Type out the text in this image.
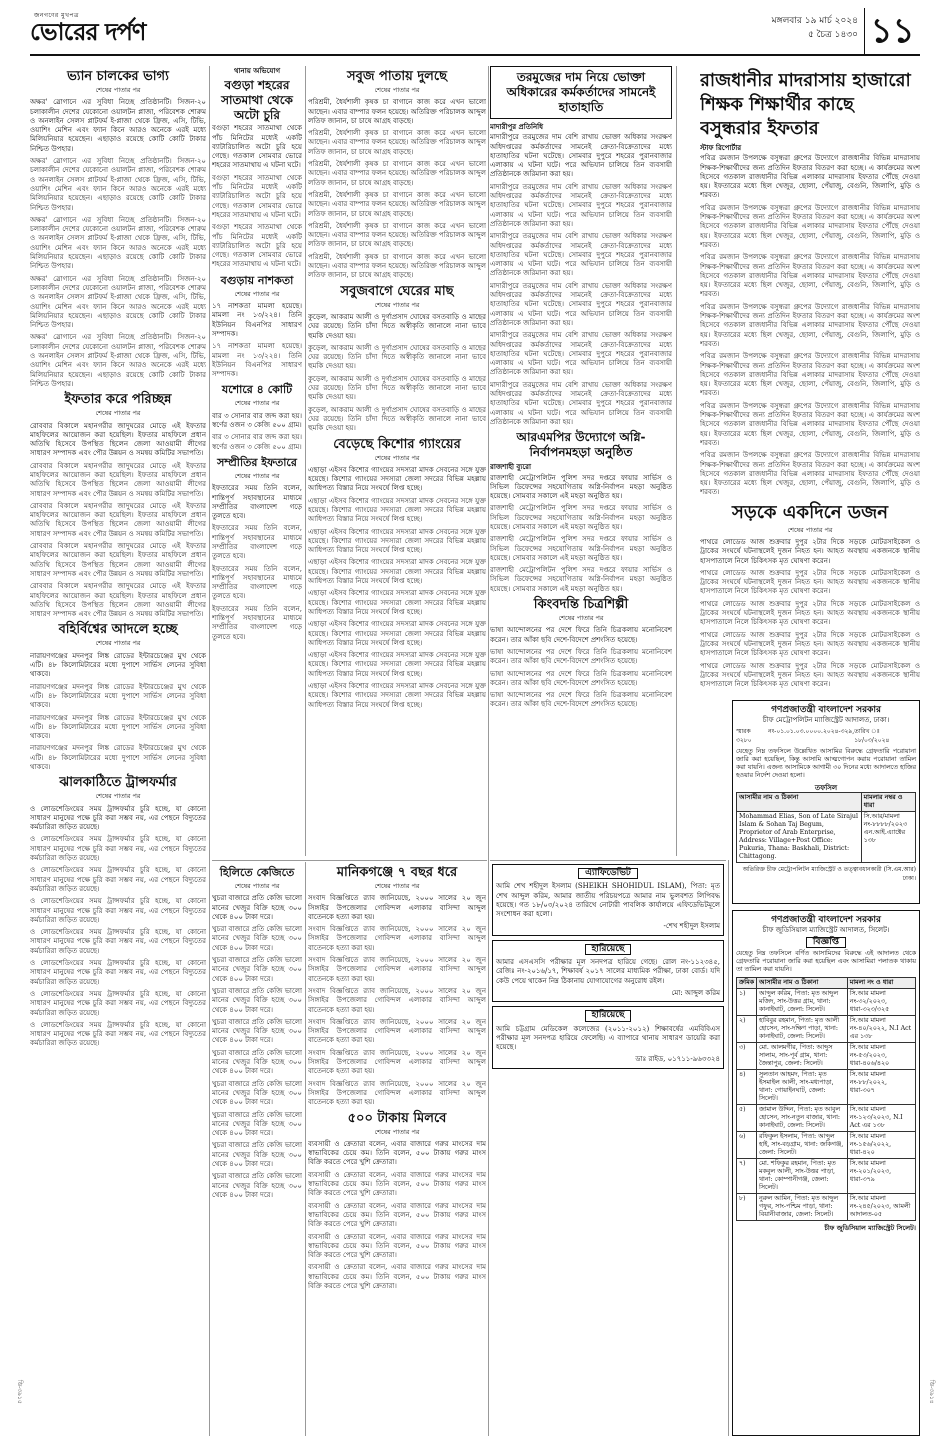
জনগণের মুখপত্র
ভোরের দর্পণ	মঙ্গলবার ১৯ মার্চ ২০২৪
৫ চৈত্র ১৪৩০ ১১
ভ্যান চালকের ভাগ্য
শেষের পাতার পর

অক্ষর' স্লোগানে এর সুবিধা নিচ্ছে প্রতিষ্ঠানটি। সিজন-২০ চলাকালীন দেশের যেকোনো ওয়ালটন প্লাজা, পরিবেশক শোরুম ও অনলাইন সেলস প্লাটফর্ম ই-প্লাজা থেকে ফ্রিজ, এসি, টিভি, ওয়াশিং মেশিন এবং ফ্যান কিনে আরও অনেকে এরই মধ্যে মিলিয়নিয়ার হয়েছেন। এছাড়াও রয়েছে কোটি কোটি টাকার নিশ্চিত উপহার।

অক্ষর' স্লোগানে এর সুবিধা নিচ্ছে প্রতিষ্ঠানটি। সিজন-২০ চলাকালীন দেশের যেকোনো ওয়ালটন প্লাজা, পরিবেশক শোরুম ও অনলাইন সেলস প্লাটফর্ম ই-প্লাজা থেকে ফ্রিজ, এসি, টিভি, ওয়াশিং মেশিন এবং ফ্যান কিনে আরও অনেকে এরই মধ্যে মিলিয়নিয়ার হয়েছেন। এছাড়াও রয়েছে কোটি কোটি টাকার নিশ্চিত উপহার।

অক্ষর' স্লোগানে এর সুবিধা নিচ্ছে প্রতিষ্ঠানটি। সিজন-২০ চলাকালীন দেশের যেকোনো ওয়ালটন প্লাজা, পরিবেশক শোরুম ও অনলাইন সেলস প্লাটফর্ম ই-প্লাজা থেকে ফ্রিজ, এসি, টিভি, ওয়াশিং মেশিন এবং ফ্যান কিনে আরও অনেকে এরই মধ্যে মিলিয়নিয়ার হয়েছেন। এছাড়াও রয়েছে কোটি কোটি টাকার নিশ্চিত উপহার।

অক্ষর' স্লোগানে এর সুবিধা নিচ্ছে প্রতিষ্ঠানটি। সিজন-২০ চলাকালীন দেশের যেকোনো ওয়ালটন প্লাজা, পরিবেশক শোরুম ও অনলাইন সেলস প্লাটফর্ম ই-প্লাজা থেকে ফ্রিজ, এসি, টিভি, ওয়াশিং মেশিন এবং ফ্যান কিনে আরও অনেকে এরই মধ্যে মিলিয়নিয়ার হয়েছেন। এছাড়াও রয়েছে কোটি কোটি টাকার নিশ্চিত উপহার।

অক্ষর' স্লোগানে এর সুবিধা নিচ্ছে প্রতিষ্ঠানটি। সিজন-২০ চলাকালীন দেশের যেকোনো ওয়ালটন প্লাজা, পরিবেশক শোরুম ও অনলাইন সেলস প্লাটফর্ম ই-প্লাজা থেকে ফ্রিজ, এসি, টিভি, ওয়াশিং মেশিন এবং ফ্যান কিনে আরও অনেকে এরই মধ্যে মিলিয়নিয়ার হয়েছেন। এছাড়াও রয়েছে কোটি কোটি টাকার নিশ্চিত উপহার।

ইফতার করে পরিচ্ছন্ন
শেষের পাতার পর

রোববার বিকালে মহানগরীর জাদুঘরের মোড়ে এই ইফতার মাহফিলের আয়োজন করা হয়েছিল। ইফতার মাহফিলে প্রধান অতিথি হিসেবে উপস্থিত ছিলেন জেলা আওয়ামী লীগের সাধারণ সম্পাদক এবং পৌর উন্নয়ন ও সমন্বয় কমিটির সভাপতি।

রোববার বিকালে মহানগরীর জাদুঘরের মোড়ে এই ইফতার মাহফিলের আয়োজন করা হয়েছিল। ইফতার মাহফিলে প্রধান অতিথি হিসেবে উপস্থিত ছিলেন জেলা আওয়ামী লীগের সাধারণ সম্পাদক এবং পৌর উন্নয়ন ও সমন্বয় কমিটির সভাপতি।

রোববার বিকালে মহানগরীর জাদুঘরের মোড়ে এই ইফতার মাহফিলের আয়োজন করা হয়েছিল। ইফতার মাহফিলে প্রধান অতিথি হিসেবে উপস্থিত ছিলেন জেলা আওয়ামী লীগের সাধারণ সম্পাদক এবং পৌর উন্নয়ন ও সমন্বয় কমিটির সভাপতি।

রোববার বিকালে মহানগরীর জাদুঘরের মোড়ে এই ইফতার মাহফিলের আয়োজন করা হয়েছিল। ইফতার মাহফিলে প্রধান অতিথি হিসেবে উপস্থিত ছিলেন জেলা আওয়ামী লীগের সাধারণ সম্পাদক এবং পৌর উন্নয়ন ও সমন্বয় কমিটির সভাপতি।

রোববার বিকালে মহানগরীর জাদুঘরের মোড়ে এই ইফতার মাহফিলের আয়োজন করা হয়েছিল। ইফতার মাহফিলে প্রধান অতিথি হিসেবে উপস্থিত ছিলেন জেলা আওয়ামী লীগের সাধারণ সম্পাদক এবং পৌর উন্নয়ন ও সমন্বয় কমিটির সভাপতি।

বহির্বিশ্বের আদলে হচ্ছে
শেষের পাতার পর

নারায়ণগঞ্জের মদনপুর লিঙ্ক রোডের ইন্টারচেঞ্জের মুখ থেকে এটি। ৪৮ কিলোমিটারের মধ্যে দুপাশে সার্ভিস লেনের সুবিধা থাকবে।

নারায়ণগঞ্জের মদনপুর লিঙ্ক রোডের ইন্টারচেঞ্জের মুখ থেকে এটি। ৪৮ কিলোমিটারের মধ্যে দুপাশে সার্ভিস লেনের সুবিধা থাকবে।

নারায়ণগঞ্জের মদনপুর লিঙ্ক রোডের ইন্টারচেঞ্জের মুখ থেকে এটি। ৪৮ কিলোমিটারের মধ্যে দুপাশে সার্ভিস লেনের সুবিধা থাকবে।

নারায়ণগঞ্জের মদনপুর লিঙ্ক রোডের ইন্টারচেঞ্জের মুখ থেকে এটি। ৪৮ কিলোমিটারের মধ্যে দুপাশে সার্ভিস লেনের সুবিধা থাকবে।

ঝালকাঠিতে ট্রান্সফর্মার
শেষের পাতার পর

ও লোডশেডিংয়ের সময় ট্রান্সফর্মার চুরি হচ্ছে, যা কোনো সাধারণ মানুষের পক্ষে চুরি করা সম্ভব নয়, এর পেছনে বিদ্যুতের কর্মচারিরা জড়িত রয়েছে।

ও লোডশেডিংয়ের সময় ট্রান্সফর্মার চুরি হচ্ছে, যা কোনো সাধারণ মানুষের পক্ষে চুরি করা সম্ভব নয়, এর পেছনে বিদ্যুতের কর্মচারিরা জড়িত রয়েছে।

ও লোডশেডিংয়ের সময় ট্রান্সফর্মার চুরি হচ্ছে, যা কোনো সাধারণ মানুষের পক্ষে চুরি করা সম্ভব নয়, এর পেছনে বিদ্যুতের কর্মচারিরা জড়িত রয়েছে।

ও লোডশেডিংয়ের সময় ট্রান্সফর্মার চুরি হচ্ছে, যা কোনো সাধারণ মানুষের পক্ষে চুরি করা সম্ভব নয়, এর পেছনে বিদ্যুতের কর্মচারিরা জড়িত রয়েছে।

ও লোডশেডিংয়ের সময় ট্রান্সফর্মার চুরি হচ্ছে, যা কোনো সাধারণ মানুষের পক্ষে চুরি করা সম্ভব নয়, এর পেছনে বিদ্যুতের কর্মচারিরা জড়িত রয়েছে।

ও লোডশেডিংয়ের সময় ট্রান্সফর্মার চুরি হচ্ছে, যা কোনো সাধারণ মানুষের পক্ষে চুরি করা সম্ভব নয়, এর পেছনে বিদ্যুতের কর্মচারিরা জড়িত রয়েছে।

ও লোডশেডিংয়ের সময় ট্রান্সফর্মার চুরি হচ্ছে, যা কোনো সাধারণ মানুষের পক্ষে চুরি করা সম্ভব নয়, এর পেছনে বিদ্যুতের কর্মচারিরা জড়িত রয়েছে।

ও লোডশেডিংয়ের সময় ট্রান্সফর্মার চুরি হচ্ছে, যা কোনো সাধারণ মানুষের পক্ষে চুরি করা সম্ভব নয়, এর পেছনে বিদ্যুতের কর্মচারিরা জড়িত রয়েছে।

থানায় অভিযোগ
বগুড়া শহরের সাতমাথা থেকে অটো চুরি

বগুড়া শহরের সাতমাথা থেকে পাঁচ মিনিটের মধ্যেই একটি ব্যাটারিচালিত অটো চুরি হয়ে গেছে। গতকাল সোমবার ভোরে শহরের সাতমাথায় এ ঘটনা ঘটে।

বগুড়া শহরের সাতমাথা থেকে পাঁচ মিনিটের মধ্যেই একটি ব্যাটারিচালিত অটো চুরি হয়ে গেছে। গতকাল সোমবার ভোরে শহরের সাতমাথায় এ ঘটনা ঘটে।

বগুড়া শহরের সাতমাথা থেকে পাঁচ মিনিটের মধ্যেই একটি ব্যাটারিচালিত অটো চুরি হয়ে গেছে। গতকাল সোমবার ভোরে শহরের সাতমাথায় এ ঘটনা ঘটে।

বগুড়ায় নাশকতা
শেষের পাতার পর

১৭ নাশকতা মামলা হয়েছে। মামলা নং ১৩/২২৪। তিনি ইউনিয়ন বিএনপির সাধারণ সম্পাদক।

১৭ নাশকতা মামলা হয়েছে। মামলা নং ১৩/২২৪। তিনি ইউনিয়ন বিএনপির সাধারণ সম্পাদক।

যশোরে ৪ কোটি
শেষের পাতার পর

বার ৩ সোনার বার জব্দ করা হয়। স্বর্ণের ওজন ৩ কেজি ৫০০ গ্রাম।

বার ৩ সোনার বার জব্দ করা হয়। স্বর্ণের ওজন ৩ কেজি ৫০০ গ্রাম।

সম্প্রীতির ইফতারে
শেষের পাতার পর

ইফতারের সময় তিনি বলেন, শান্তিপূর্ণ সহাবস্থানের মাধ্যমে সম্প্রীতির বাংলাদেশ গড়ে তুলতে হবে।

ইফতারের সময় তিনি বলেন, শান্তিপূর্ণ সহাবস্থানের মাধ্যমে সম্প্রীতির বাংলাদেশ গড়ে তুলতে হবে।

ইফতারের সময় তিনি বলেন, শান্তিপূর্ণ সহাবস্থানের মাধ্যমে সম্প্রীতির বাংলাদেশ গড়ে তুলতে হবে।

ইফতারের সময় তিনি বলেন, শান্তিপূর্ণ সহাবস্থানের মাধ্যমে সম্প্রীতির বাংলাদেশ গড়ে তুলতে হবে।

সবুজ পাতায় দুলছে
শেষের পাতার পর

পরিশ্রমী, ধৈর্যশালী কৃষক চা বাগানে কাজ করে এখন ভালো আছেন। এবার বাম্পার ফলন হয়েছে। অতিরিক্ত পরিচালক আব্দুল লতিফ জানান, চা চাষে আগ্রহ বাড়ছে।

পরিশ্রমী, ধৈর্যশালী কৃষক চা বাগানে কাজ করে এখন ভালো আছেন। এবার বাম্পার ফলন হয়েছে। অতিরিক্ত পরিচালক আব্দুল লতিফ জানান, চা চাষে আগ্রহ বাড়ছে।

পরিশ্রমী, ধৈর্যশালী কৃষক চা বাগানে কাজ করে এখন ভালো আছেন। এবার বাম্পার ফলন হয়েছে। অতিরিক্ত পরিচালক আব্দুল লতিফ জানান, চা চাষে আগ্রহ বাড়ছে।

পরিশ্রমী, ধৈর্যশালী কৃষক চা বাগানে কাজ করে এখন ভালো আছেন। এবার বাম্পার ফলন হয়েছে। অতিরিক্ত পরিচালক আব্দুল লতিফ জানান, চা চাষে আগ্রহ বাড়ছে।

পরিশ্রমী, ধৈর্যশালী কৃষক চা বাগানে কাজ করে এখন ভালো আছেন। এবার বাম্পার ফলন হয়েছে। অতিরিক্ত পরিচালক আব্দুল লতিফ জানান, চা চাষে আগ্রহ বাড়ছে।

পরিশ্রমী, ধৈর্যশালী কৃষক চা বাগানে কাজ করে এখন ভালো আছেন। এবার বাম্পার ফলন হয়েছে। অতিরিক্ত পরিচালক আব্দুল লতিফ জানান, চা চাষে আগ্রহ বাড়ছে।

সবুজবাগে ঘেরের মাছ
শেষের পাতার পর

কুড়েল, আকরাম আলী ও দুর্গাপ্রসাদ ঘোষের বসতবাড়ি ও মাছের ঘের রয়েছে। তিনি চাঁদা দিতে অস্বীকৃতি জানালে নানা ভাবে হুমকি দেওয়া হয়।

কুড়েল, আকরাম আলী ও দুর্গাপ্রসাদ ঘোষের বসতবাড়ি ও মাছের ঘের রয়েছে। তিনি চাঁদা দিতে অস্বীকৃতি জানালে নানা ভাবে হুমকি দেওয়া হয়।

কুড়েল, আকরাম আলী ও দুর্গাপ্রসাদ ঘোষের বসতবাড়ি ও মাছের ঘের রয়েছে। তিনি চাঁদা দিতে অস্বীকৃতি জানালে নানা ভাবে হুমকি দেওয়া হয়।

কুড়েল, আকরাম আলী ও দুর্গাপ্রসাদ ঘোষের বসতবাড়ি ও মাছের ঘের রয়েছে। তিনি চাঁদা দিতে অস্বীকৃতি জানালে নানা ভাবে হুমকি দেওয়া হয়।

বেড়েছে কিশোর গ্যাংয়ের
শেষের পাতার পর

এছাড়া এইসব কিশোর গ্যাংয়ের সদস্যরা মাদক সেবনের সঙ্গে যুক্ত হয়েছে। কিশোর গ্যাংয়ের সদস্যরা জেলা সদরের বিভিন্ন মহল্লায় আধিপত্য বিস্তার নিয়ে সংঘর্ষে লিপ্ত হচ্ছে।

এছাড়া এইসব কিশোর গ্যাংয়ের সদস্যরা মাদক সেবনের সঙ্গে যুক্ত হয়েছে। কিশোর গ্যাংয়ের সদস্যরা জেলা সদরের বিভিন্ন মহল্লায় আধিপত্য বিস্তার নিয়ে সংঘর্ষে লিপ্ত হচ্ছে।

এছাড়া এইসব কিশোর গ্যাংয়ের সদস্যরা মাদক সেবনের সঙ্গে যুক্ত হয়েছে। কিশোর গ্যাংয়ের সদস্যরা জেলা সদরের বিভিন্ন মহল্লায় আধিপত্য বিস্তার নিয়ে সংঘর্ষে লিপ্ত হচ্ছে।

এছাড়া এইসব কিশোর গ্যাংয়ের সদস্যরা মাদক সেবনের সঙ্গে যুক্ত হয়েছে। কিশোর গ্যাংয়ের সদস্যরা জেলা সদরের বিভিন্ন মহল্লায় আধিপত্য বিস্তার নিয়ে সংঘর্ষে লিপ্ত হচ্ছে।

এছাড়া এইসব কিশোর গ্যাংয়ের সদস্যরা মাদক সেবনের সঙ্গে যুক্ত হয়েছে। কিশোর গ্যাংয়ের সদস্যরা জেলা সদরের বিভিন্ন মহল্লায় আধিপত্য বিস্তার নিয়ে সংঘর্ষে লিপ্ত হচ্ছে।

এছাড়া এইসব কিশোর গ্যাংয়ের সদস্যরা মাদক সেবনের সঙ্গে যুক্ত হয়েছে। কিশোর গ্যাংয়ের সদস্যরা জেলা সদরের বিভিন্ন মহল্লায় আধিপত্য বিস্তার নিয়ে সংঘর্ষে লিপ্ত হচ্ছে।

এছাড়া এইসব কিশোর গ্যাংয়ের সদস্যরা মাদক সেবনের সঙ্গে যুক্ত হয়েছে। কিশোর গ্যাংয়ের সদস্যরা জেলা সদরের বিভিন্ন মহল্লায় আধিপত্য বিস্তার নিয়ে সংঘর্ষে লিপ্ত হচ্ছে।

এছাড়া এইসব কিশোর গ্যাংয়ের সদস্যরা মাদক সেবনের সঙ্গে যুক্ত হয়েছে। কিশোর গ্যাংয়ের সদস্যরা জেলা সদরের বিভিন্ন মহল্লায় আধিপত্য বিস্তার নিয়ে সংঘর্ষে লিপ্ত হচ্ছে।

তরমুজের দাম নিয়ে ভোক্তা অধিকারের কর্মকর্তাদের সামনেই হাতাহাতি
মাদারীপুর প্রতিনিধি

মাদারীপুরে তরমুজের দাম বেশি রাখায় ভোক্তা অধিকার সংরক্ষণ অধিদপ্তরের কর্মকর্তাদের সামনেই ক্রেতা-বিক্রেতাদের মধ্যে হাতাহাতির ঘটনা ঘটেছে। সোমবার দুপুরে শহরের পুরানবাজার এলাকায় এ ঘটনা ঘটে। পরে অভিযান চালিয়ে তিন ব্যবসায়ী প্রতিষ্ঠানকে জরিমানা করা হয়।

মাদারীপুরে তরমুজের দাম বেশি রাখায় ভোক্তা অধিকার সংরক্ষণ অধিদপ্তরের কর্মকর্তাদের সামনেই ক্রেতা-বিক্রেতাদের মধ্যে হাতাহাতির ঘটনা ঘটেছে। সোমবার দুপুরে শহরের পুরানবাজার এলাকায় এ ঘটনা ঘটে। পরে অভিযান চালিয়ে তিন ব্যবসায়ী প্রতিষ্ঠানকে জরিমানা করা হয়।

মাদারীপুরে তরমুজের দাম বেশি রাখায় ভোক্তা অধিকার সংরক্ষণ অধিদপ্তরের কর্মকর্তাদের সামনেই ক্রেতা-বিক্রেতাদের মধ্যে হাতাহাতির ঘটনা ঘটেছে। সোমবার দুপুরে শহরের পুরানবাজার এলাকায় এ ঘটনা ঘটে। পরে অভিযান চালিয়ে তিন ব্যবসায়ী প্রতিষ্ঠানকে জরিমানা করা হয়।

মাদারীপুরে তরমুজের দাম বেশি রাখায় ভোক্তা অধিকার সংরক্ষণ অধিদপ্তরের কর্মকর্তাদের সামনেই ক্রেতা-বিক্রেতাদের মধ্যে হাতাহাতির ঘটনা ঘটেছে। সোমবার দুপুরে শহরের পুরানবাজার এলাকায় এ ঘটনা ঘটে। পরে অভিযান চালিয়ে তিন ব্যবসায়ী প্রতিষ্ঠানকে জরিমানা করা হয়।

মাদারীপুরে তরমুজের দাম বেশি রাখায় ভোক্তা অধিকার সংরক্ষণ অধিদপ্তরের কর্মকর্তাদের সামনেই ক্রেতা-বিক্রেতাদের মধ্যে হাতাহাতির ঘটনা ঘটেছে। সোমবার দুপুরে শহরের পুরানবাজার এলাকায় এ ঘটনা ঘটে। পরে অভিযান চালিয়ে তিন ব্যবসায়ী প্রতিষ্ঠানকে জরিমানা করা হয়।

মাদারীপুরে তরমুজের দাম বেশি রাখায় ভোক্তা অধিকার সংরক্ষণ অধিদপ্তরের কর্মকর্তাদের সামনেই ক্রেতা-বিক্রেতাদের মধ্যে হাতাহাতির ঘটনা ঘটেছে। সোমবার দুপুরে শহরের পুরানবাজার এলাকায় এ ঘটনা ঘটে। পরে অভিযান চালিয়ে তিন ব্যবসায়ী প্রতিষ্ঠানকে জরিমানা করা হয়।

আরএমপির উদ্যোগে অগ্নি-নির্বাপনমহড়া অনুষ্ঠিত
রাজশাহী ব্যুরো

রাজশাহী মেট্রোপলিটন পুলিশ সদর দপ্তরে ফায়ার সার্ভিস ও সিভিল ডিফেন্সের সহযোগিতায় অগ্নি-নির্বাপন মহড়া অনুষ্ঠিত হয়েছে। সোমবার সকালে এই মহড়া অনুষ্ঠিত হয়।

রাজশাহী মেট্রোপলিটন পুলিশ সদর দপ্তরে ফায়ার সার্ভিস ও সিভিল ডিফেন্সের সহযোগিতায় অগ্নি-নির্বাপন মহড়া অনুষ্ঠিত হয়েছে। সোমবার সকালে এই মহড়া অনুষ্ঠিত হয়।

রাজশাহী মেট্রোপলিটন পুলিশ সদর দপ্তরে ফায়ার সার্ভিস ও সিভিল ডিফেন্সের সহযোগিতায় অগ্নি-নির্বাপন মহড়া অনুষ্ঠিত হয়েছে। সোমবার সকালে এই মহড়া অনুষ্ঠিত হয়।

রাজশাহী মেট্রোপলিটন পুলিশ সদর দপ্তরে ফায়ার সার্ভিস ও সিভিল ডিফেন্সের সহযোগিতায় অগ্নি-নির্বাপন মহড়া অনুষ্ঠিত হয়েছে। সোমবার সকালে এই মহড়া অনুষ্ঠিত হয়।

কিংবদন্তি চিত্রশিল্পী
শেষের পাতার পর

ভাষা আন্দোলনের পর দেশে ফিরে তিনি চিত্রকলায় মনোনিবেশ করেন। তার আঁকা ছবি দেশে-বিদেশে প্রশংসিত হয়েছে।

ভাষা আন্দোলনের পর দেশে ফিরে তিনি চিত্রকলায় মনোনিবেশ করেন। তার আঁকা ছবি দেশে-বিদেশে প্রশংসিত হয়েছে।

ভাষা আন্দোলনের পর দেশে ফিরে তিনি চিত্রকলায় মনোনিবেশ করেন। তার আঁকা ছবি দেশে-বিদেশে প্রশংসিত হয়েছে।

ভাষা আন্দোলনের পর দেশে ফিরে তিনি চিত্রকলায় মনোনিবেশ করেন। তার আঁকা ছবি দেশে-বিদেশে প্রশংসিত হয়েছে।

রাজধানীর মাদরাসায় হাজারো শিক্ষক শিক্ষার্থীর কাছে বসুন্ধরার ইফতার
স্টাফ রিপোর্টার

পবিত্র রমজান উপলক্ষে বসুন্ধরা গ্রুপের উদ্যোগে রাজধানীর বিভিন্ন মাদরাসায় শিক্ষক-শিক্ষার্থীদের জন্য প্রতিদিন ইফতার বিতরণ করা হচ্ছে। এ কার্যক্রমের অংশ হিসেবে গতকাল রাজধানীর বিভিন্ন এলাকার মাদরাসায় ইফতার পৌঁছে দেওয়া হয়। ইফতারের মধ্যে ছিল খেজুর, ছোলা, পেঁয়াজু, বেগুনি, জিলাপি, মুড়ি ও শরবত।

পবিত্র রমজান উপলক্ষে বসুন্ধরা গ্রুপের উদ্যোগে রাজধানীর বিভিন্ন মাদরাসায় শিক্ষক-শিক্ষার্থীদের জন্য প্রতিদিন ইফতার বিতরণ করা হচ্ছে। এ কার্যক্রমের অংশ হিসেবে গতকাল রাজধানীর বিভিন্ন এলাকার মাদরাসায় ইফতার পৌঁছে দেওয়া হয়। ইফতারের মধ্যে ছিল খেজুর, ছোলা, পেঁয়াজু, বেগুনি, জিলাপি, মুড়ি ও শরবত।

পবিত্র রমজান উপলক্ষে বসুন্ধরা গ্রুপের উদ্যোগে রাজধানীর বিভিন্ন মাদরাসায় শিক্ষক-শিক্ষার্থীদের জন্য প্রতিদিন ইফতার বিতরণ করা হচ্ছে। এ কার্যক্রমের অংশ হিসেবে গতকাল রাজধানীর বিভিন্ন এলাকার মাদরাসায় ইফতার পৌঁছে দেওয়া হয়। ইফতারের মধ্যে ছিল খেজুর, ছোলা, পেঁয়াজু, বেগুনি, জিলাপি, মুড়ি ও শরবত।

পবিত্র রমজান উপলক্ষে বসুন্ধরা গ্রুপের উদ্যোগে রাজধানীর বিভিন্ন মাদরাসায় শিক্ষক-শিক্ষার্থীদের জন্য প্রতিদিন ইফতার বিতরণ করা হচ্ছে। এ কার্যক্রমের অংশ হিসেবে গতকাল রাজধানীর বিভিন্ন এলাকার মাদরাসায় ইফতার পৌঁছে দেওয়া হয়। ইফতারের মধ্যে ছিল খেজুর, ছোলা, পেঁয়াজু, বেগুনি, জিলাপি, মুড়ি ও শরবত।

পবিত্র রমজান উপলক্ষে বসুন্ধরা গ্রুপের উদ্যোগে রাজধানীর বিভিন্ন মাদরাসায় শিক্ষক-শিক্ষার্থীদের জন্য প্রতিদিন ইফতার বিতরণ করা হচ্ছে। এ কার্যক্রমের অংশ হিসেবে গতকাল রাজধানীর বিভিন্ন এলাকার মাদরাসায় ইফতার পৌঁছে দেওয়া হয়। ইফতারের মধ্যে ছিল খেজুর, ছোলা, পেঁয়াজু, বেগুনি, জিলাপি, মুড়ি ও শরবত।

পবিত্র রমজান উপলক্ষে বসুন্ধরা গ্রুপের উদ্যোগে রাজধানীর বিভিন্ন মাদরাসায় শিক্ষক-শিক্ষার্থীদের জন্য প্রতিদিন ইফতার বিতরণ করা হচ্ছে। এ কার্যক্রমের অংশ হিসেবে গতকাল রাজধানীর বিভিন্ন এলাকার মাদরাসায় ইফতার পৌঁছে দেওয়া হয়। ইফতারের মধ্যে ছিল খেজুর, ছোলা, পেঁয়াজু, বেগুনি, জিলাপি, মুড়ি ও শরবত।

পবিত্র রমজান উপলক্ষে বসুন্ধরা গ্রুপের উদ্যোগে রাজধানীর বিভিন্ন মাদরাসায় শিক্ষক-শিক্ষার্থীদের জন্য প্রতিদিন ইফতার বিতরণ করা হচ্ছে। এ কার্যক্রমের অংশ হিসেবে গতকাল রাজধানীর বিভিন্ন এলাকার মাদরাসায় ইফতার পৌঁছে দেওয়া হয়। ইফতারের মধ্যে ছিল খেজুর, ছোলা, পেঁয়াজু, বেগুনি, জিলাপি, মুড়ি ও শরবত।

সড়কে একদিনে ডজন
শেষের পাতার পর

পাথরে লোডেড আজ শুক্রবার দুপুর ২টার দিকে সড়কে মোটরসাইকেল ও ট্রাকের সংঘর্ষে ঘটনাস্থলেই দুজন নিহত হন। আহত অবস্থায় একজনকে স্থানীয় হাসপাতালে নিলে চিকিৎসক মৃত ঘোষণা করেন।

পাথরে লোডেড আজ শুক্রবার দুপুর ২টার দিকে সড়কে মোটরসাইকেল ও ট্রাকের সংঘর্ষে ঘটনাস্থলেই দুজন নিহত হন। আহত অবস্থায় একজনকে স্থানীয় হাসপাতালে নিলে চিকিৎসক মৃত ঘোষণা করেন।

পাথরে লোডেড আজ শুক্রবার দুপুর ২টার দিকে সড়কে মোটরসাইকেল ও ট্রাকের সংঘর্ষে ঘটনাস্থলেই দুজন নিহত হন। আহত অবস্থায় একজনকে স্থানীয় হাসপাতালে নিলে চিকিৎসক মৃত ঘোষণা করেন।

পাথরে লোডেড আজ শুক্রবার দুপুর ২টার দিকে সড়কে মোটরসাইকেল ও ট্রাকের সংঘর্ষে ঘটনাস্থলেই দুজন নিহত হন। আহত অবস্থায় একজনকে স্থানীয় হাসপাতালে নিলে চিকিৎসক মৃত ঘোষণা করেন।

পাথরে লোডেড আজ শুক্রবার দুপুর ২টার দিকে সড়কে মোটরসাইকেল ও ট্রাকের সংঘর্ষে ঘটনাস্থলেই দুজন নিহত হন। আহত অবস্থায় একজনকে স্থানীয় হাসপাতালে নিলে চিকিৎসক মৃত ঘোষণা করেন।

হিলিতে কেজিতে
শেষের পাতার পর

খুচরা বাজারে প্রতি কেজি ভালো মানের খেজুর বিক্রি হচ্ছে ৩০০ থেকে ৪০০ টাকা দরে।

খুচরা বাজারে প্রতি কেজি ভালো মানের খেজুর বিক্রি হচ্ছে ৩০০ থেকে ৪০০ টাকা দরে।

খুচরা বাজারে প্রতি কেজি ভালো মানের খেজুর বিক্রি হচ্ছে ৩০০ থেকে ৪০০ টাকা দরে।

খুচরা বাজারে প্রতি কেজি ভালো মানের খেজুর বিক্রি হচ্ছে ৩০০ থেকে ৪০০ টাকা দরে।

খুচরা বাজারে প্রতি কেজি ভালো মানের খেজুর বিক্রি হচ্ছে ৩০০ থেকে ৪০০ টাকা দরে।

খুচরা বাজারে প্রতি কেজি ভালো মানের খেজুর বিক্রি হচ্ছে ৩০০ থেকে ৪০০ টাকা দরে।

খুচরা বাজারে প্রতি কেজি ভালো মানের খেজুর বিক্রি হচ্ছে ৩০০ থেকে ৪০০ টাকা দরে।

খুচরা বাজারে প্রতি কেজি ভালো মানের খেজুর বিক্রি হচ্ছে ৩০০ থেকে ৪০০ টাকা দরে।

খুচরা বাজারে প্রতি কেজি ভালো মানের খেজুর বিক্রি হচ্ছে ৩০০ থেকে ৪০০ টাকা দরে।

খুচরা বাজারে প্রতি কেজি ভালো মানের খেজুর বিক্রি হচ্ছে ৩০০ থেকে ৪০০ টাকা দরে।

মানিকগঞ্জে ৭ বছর ধরে
শেষের পাতার পর

সংবাদ বিজ্ঞপ্তিতে র‌্যাব জানিয়েছে, ২০০০ সালের ২০ জুন সিঙ্গাইর উপজেলার গোবিন্দল এলাকার বাসিন্দা আব্দুল বাতেনকে হত্যা করা হয়।

সংবাদ বিজ্ঞপ্তিতে র‌্যাব জানিয়েছে, ২০০০ সালের ২০ জুন সিঙ্গাইর উপজেলার গোবিন্দল এলাকার বাসিন্দা আব্দুল বাতেনকে হত্যা করা হয়।

সংবাদ বিজ্ঞপ্তিতে র‌্যাব জানিয়েছে, ২০০০ সালের ২০ জুন সিঙ্গাইর উপজেলার গোবিন্দল এলাকার বাসিন্দা আব্দুল বাতেনকে হত্যা করা হয়।

সংবাদ বিজ্ঞপ্তিতে র‌্যাব জানিয়েছে, ২০০০ সালের ২০ জুন সিঙ্গাইর উপজেলার গোবিন্দল এলাকার বাসিন্দা আব্দুল বাতেনকে হত্যা করা হয়।

সংবাদ বিজ্ঞপ্তিতে র‌্যাব জানিয়েছে, ২০০০ সালের ২০ জুন সিঙ্গাইর উপজেলার গোবিন্দল এলাকার বাসিন্দা আব্দুল বাতেনকে হত্যা করা হয়।

সংবাদ বিজ্ঞপ্তিতে র‌্যাব জানিয়েছে, ২০০০ সালের ২০ জুন সিঙ্গাইর উপজেলার গোবিন্দল এলাকার বাসিন্দা আব্দুল বাতেনকে হত্যা করা হয়।

সংবাদ বিজ্ঞপ্তিতে র‌্যাব জানিয়েছে, ২০০০ সালের ২০ জুন সিঙ্গাইর উপজেলার গোবিন্দল এলাকার বাসিন্দা আব্দুল বাতেনকে হত্যা করা হয়।

৫০০ টাকায় মিলবে
শেষের পাতার পর

ব্যবসায়ী ও ক্রেতারা বলেন, এবার বাজারে গরুর মাংসের দাম স্বাভাবিকের চেয়ে কম। তিনি বলেন, ৫০০ টাকায় গরুর মাংস বিক্রি করতে পেরে খুশি ক্রেতারা।

ব্যবসায়ী ও ক্রেতারা বলেন, এবার বাজারে গরুর মাংসের দাম স্বাভাবিকের চেয়ে কম। তিনি বলেন, ৫০০ টাকায় গরুর মাংস বিক্রি করতে পেরে খুশি ক্রেতারা।

ব্যবসায়ী ও ক্রেতারা বলেন, এবার বাজারে গরুর মাংসের দাম স্বাভাবিকের চেয়ে কম। তিনি বলেন, ৫০০ টাকায় গরুর মাংস বিক্রি করতে পেরে খুশি ক্রেতারা।

ব্যবসায়ী ও ক্রেতারা বলেন, এবার বাজারে গরুর মাংসের দাম স্বাভাবিকের চেয়ে কম। তিনি বলেন, ৫০০ টাকায় গরুর মাংস বিক্রি করতে পেরে খুশি ক্রেতারা।

ব্যবসায়ী ও ক্রেতারা বলেন, এবার বাজারে গরুর মাংসের দাম স্বাভাবিকের চেয়ে কম। তিনি বলেন, ৫০০ টাকায় গরুর মাংস বিক্রি করতে পেরে খুশি ক্রেতারা।

এ্যাফিডেভিট

আমি শেখ শহীদুল ইসলাম (SHEIKH SHOHIDUL ISLAM), পিতা: মৃত শেখ আব্দুল করিম, আমার জাতীয় পরিচয়পত্রে আমার নাম ভুলবশত লিপিবদ্ধ হয়েছে। গত ১৮/০৩/২০২৪ তারিখে নোটারী পাবলিক কার্যালয়ে এফিডেভিটমূলে সংশোধন করা হলো।

-শেখ শহীদুল ইসলাম
হারিয়েছে

আমার এসএসসি পরীক্ষার মূল সনদপত্র হারিয়ে গেছে। রোল নং-১১২৩৪৫, রেজিঃ নং-২০১৬/১৭, শিক্ষাবর্ষ ২০১৭ সালের মাধ্যমিক পরীক্ষা, ঢাকা বোর্ড। যদি কেউ পেয়ে থাকেন নিম্ন ঠিকানায় যোগাযোগের অনুরোধ রইল।

মো: আব্দুল করিম
হারিয়েছে

আমি চট্টগ্রাম মেডিকেল কলেজের (২০১১-২০১২) শিক্ষাবর্ষের এমবিবিএস পরীক্ষার মূল সনদপত্র হারিয়ে ফেলেছি। এ ব্যাপারে থানায় সাধারণ ডায়েরি করা হয়েছে।

ডাঃ রাইড, ০১৭১১-৯৬৩৩২৪
গণপ্রজাতন্ত্রী বাংলাদেশ সরকার
চীফ মেট্রোপলিটন ম্যাজিস্ট্রেট আদালত, ঢাকা।
স্মারক নং-০১.০১.০৩.০০০০.২০২৪-৩২৯, ৩২৮০
তারিখ ঃ ১৮/০৩/২০২৪

যেহেতু নিম্ন তফসিলে উল্লেখিত আসামির বিরুদ্ধে গ্রেফতারি পরোয়ানা জারি করা হয়েছিল, কিন্তু আসামি আত্মগোপন করায় পরোয়ানা তামিল করা যায়নি। এজন্য আসামিকে আগামী ৩০ দিনের মধ্যে আদালতে হাজির হওয়ার নির্দেশ দেওয়া হলো।

তফসিল
আসামীর নাম ও ঠিকানা	মামলার নম্বর ও ধারা
Mohammad Elias, Son of Late Sirajul Islam & Sohan Taj Begum, Proprietor of Arab Enterprise, Address: Village+Post Office: Pukuria, Thana: Baskhali, District: Chittagong.	সি.আর/মামলা নং-৮৮৮৮/২০২৩
এন.আই.এ্যাক্টের ১৩৮
অতিরিক্ত চীফ মেট্রোপলিটন ম্যাজিস্ট্রেট ও তত্ত্বাবধানকারী (সি.এম.আর) ঢাকা।
গণপ্রজাতন্ত্রী বাংলাদেশ সরকার
চীফ জুডিসিয়াল ম্যাজিস্ট্রেট আদালত, সিলেট।
বিজ্ঞপ্তি

যেহেতু নিম্ন তফসিলে বর্ণিত আসামিদের বিরুদ্ধে এই আদালত থেকে গ্রেফতারি পরোয়ানা জারি করা হয়েছিল এবং আসামিরা পলাতক থাকায় তা তামিল করা যায়নি।

ক্রমিক	আসামীর নাম ও ঠিকানা	মামলা নং ও ধারা
১)	আব্দুল করিম, পিতা: মৃত আব্দুল মজিদ, সাং-উত্তর গ্রাম, থানা: কানাইঘাট, জেলা: সিলেট।	সি.আর মামলা নং-৩২/২০২৩, ধারা-৩২৩/৩২৫
২)	হাবিবুর রহমান, পিতা: মৃত আলী হোসেন, সাং-দক্ষিণ পাড়া, থানা: কানাইঘাট, জেলা: সিলেট।	সি.আর মামলা নং-৪০/২০২২, N.I Act এর ১৩৮
৩)	মো. আলমগীর, পিতা: আব্দুস সালাম, সাং-পূর্ব গ্রাম, থানা: জৈন্তাপুর, জেলা: সিলেট।	সি.আর মামলা নং-৫৩/২০২৩, ধারা-৪০৬/৪২০
৪)	সুলতান আহমদ, পিতা: মৃত ইসমাইল আলী, সাং-মধ্যপাড়া, থানা: গোয়াইনঘাট, জেলা: সিলেট।	সি.আর মামলা নং-৮৮/২০২২, ধারা-৩০৭
৫)	জামাল উদ্দিন, পিতা: মৃত আবুল হোসেন, সাং-নতুন বাজার, থানা: কানাইঘাট, জেলা: সিলেট।	সি.আর মামলা নং-১২৩/২০২৩, N.I Act এর ১৩৮
৬)	রফিকুল ইসলাম, পিতা: আব্দুল হাই, সাং-বড়গ্রাম, থানা: জকিগঞ্জ, জেলা: সিলেট।	সি.আর মামলা নং-১৫৬/২০২২, ধারা-৪২০
৭)	মো. শফিকুর রহমান, পিতা: মৃত মকবুল আলী, সাং-উত্তর পাড়া, থানা: কোম্পানীগঞ্জ, জেলা: সিলেট।	সি.আর মামলা নং-২০১/২০২৩, ধারা-৩৭৯
৮)	নুরুল আমিন, পিতা: মৃত আব্দুল গফুর, সাং-পশ্চিম পাড়া, থানা: বিয়ানীবাজার, জেলা: সিলেট।	সি.আর মামলা নং-২৪৫/২০২৩, আমলী আদালত-০৫
চীফ জুডিসিয়াল ম্যাজিস্ট্রেট সিলেট।
ডি-৩৯১৪
ডি-৩৯১৫
